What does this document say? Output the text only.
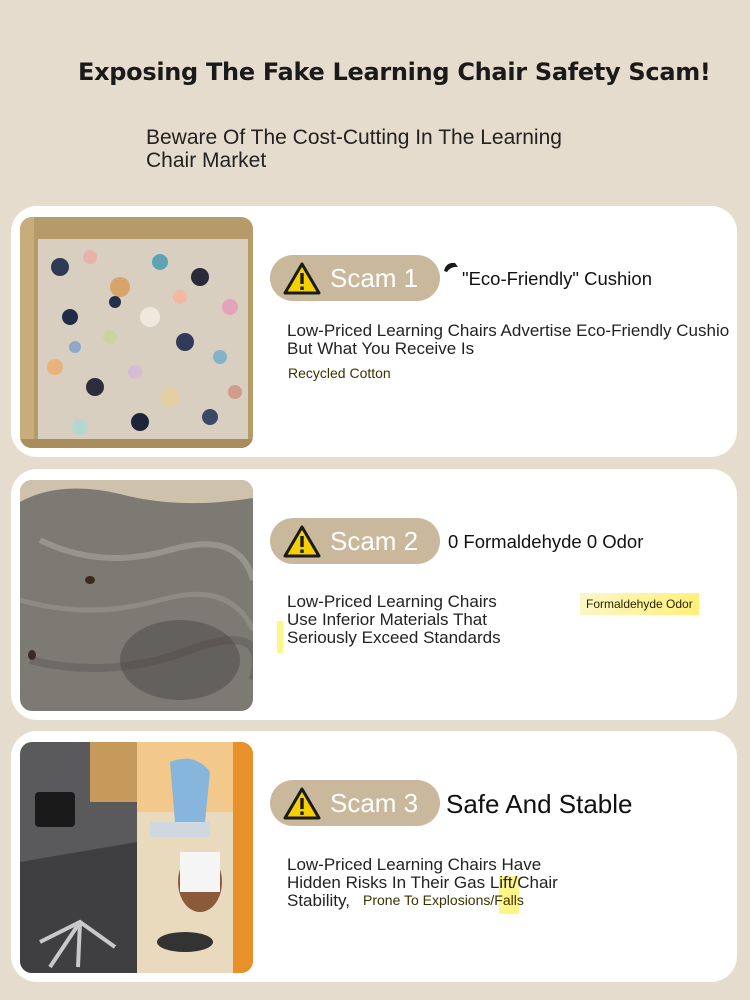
Exposing The Fake Learning Chair Safety Scam!
Beware Of The Cost-Cutting In The Learning
Chair Market
Scam 1 "Eco-Friendly" Cushion
Low-Priced Learning Chairs Advertise Eco-Friendly Cushio
But What You Receive Is
Recycled Cotton
Scam 2 0 Formaldehyde 0 Odor
Low-Priced Learning Chairs
Use Inferior Materials That
Seriously Exceed Standards
Formaldehyde Odor
Scam 3 Safe And Stable
Low-Priced Learning Chairs Have
Hidden Risks In Their Gas Lift/Chair
Stability, Prone To Explosions/Falls
